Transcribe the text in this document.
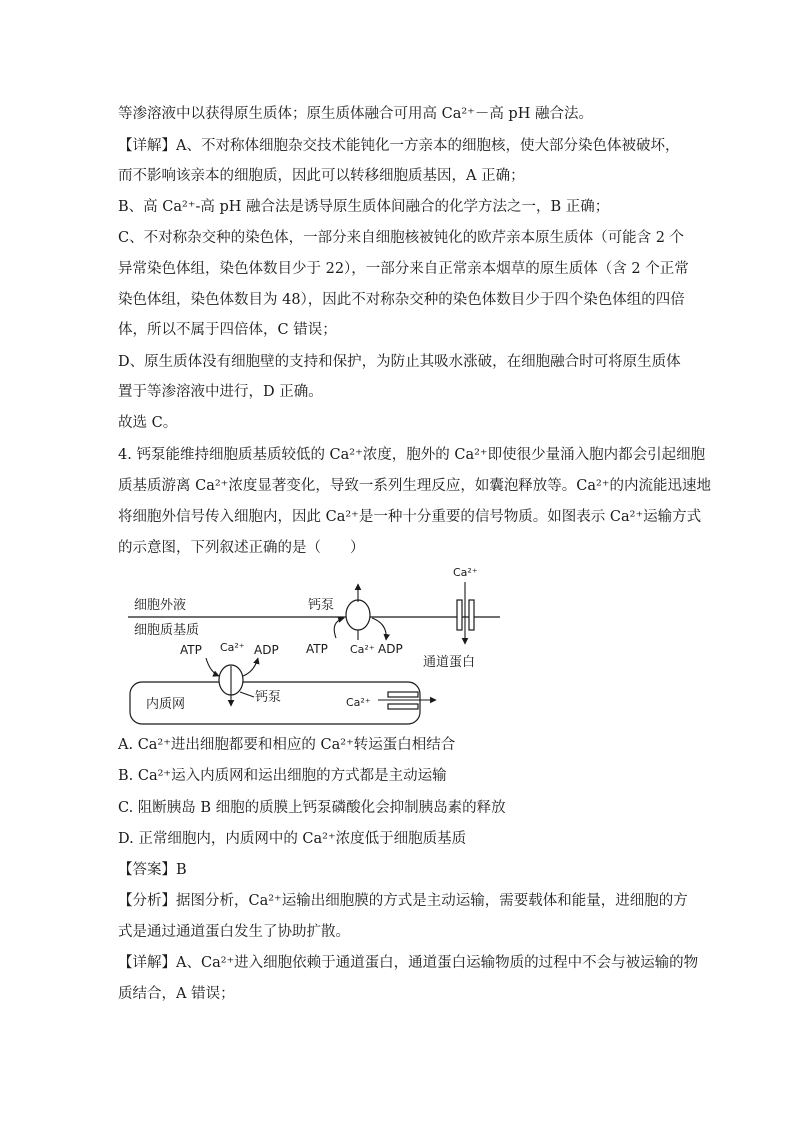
等渗溶液中以获得原生质体；原生质体融合可用高 Ca²⁺－高 pH 融合法。
【详解】A、不对称体细胞杂交技术能钝化一方亲本的细胞核，使大部分染色体被破坏，
而不影响该亲本的细胞质，因此可以转移细胞质基因，A 正确；
B、高 Ca²⁺-高 pH 融合法是诱导原生质体间融合的化学方法之一，B 正确；
C、不对称杂交种的染色体，一部分来自细胞核被钝化的欧芹亲本原生质体（可能含 2 个
异常染色体组，染色体数目少于 22），一部分来自正常亲本烟草的原生质体（含 2 个正常
染色体组，染色体数目为 48），因此不对称杂交种的染色体数目少于四个染色体组的四倍
体，所以不属于四倍体，C 错误；
D、原生质体没有细胞壁的支持和保护，为防止其吸水涨破，在细胞融合时可将原生质体
置于等渗溶液中进行，D 正确。
故选 C。
4. 钙泵能维持细胞质基质较低的 Ca²⁺浓度，胞外的 Ca²⁺即使很少量涌入胞内都会引起细胞
质基质游离 Ca²⁺浓度显著变化，导致一系列生理反应，如囊泡释放等。Ca²⁺的内流能迅速地
将细胞外信号传入细胞内，因此 Ca²⁺是一种十分重要的信号物质。如图表示 Ca²⁺运输方式
的示意图，下列叙述正确的是（　　）
细胞外液
细胞质基质
钙泵
ATP Ca²⁺ ADP
Ca²⁺
通道蛋白
内质网
ATP Ca²⁺ ADP
钙泵	Ca²⁺
A. Ca²⁺进出细胞都要和相应的 Ca²⁺转运蛋白相结合
B. Ca²⁺运入内质网和运出细胞的方式都是主动运输
C. 阻断胰岛 B 细胞的质膜上钙泵磷酸化会抑制胰岛素的释放
D. 正常细胞内，内质网中的 Ca²⁺浓度低于细胞质基质
【答案】B
【分析】据图分析，Ca²⁺运输出细胞膜的方式是主动运输，需要载体和能量，进细胞的方
式是通过通道蛋白发生了协助扩散。
【详解】A、Ca²⁺进入细胞依赖于通道蛋白，通道蛋白运输物质的过程中不会与被运输的物
质结合，A 错误；
